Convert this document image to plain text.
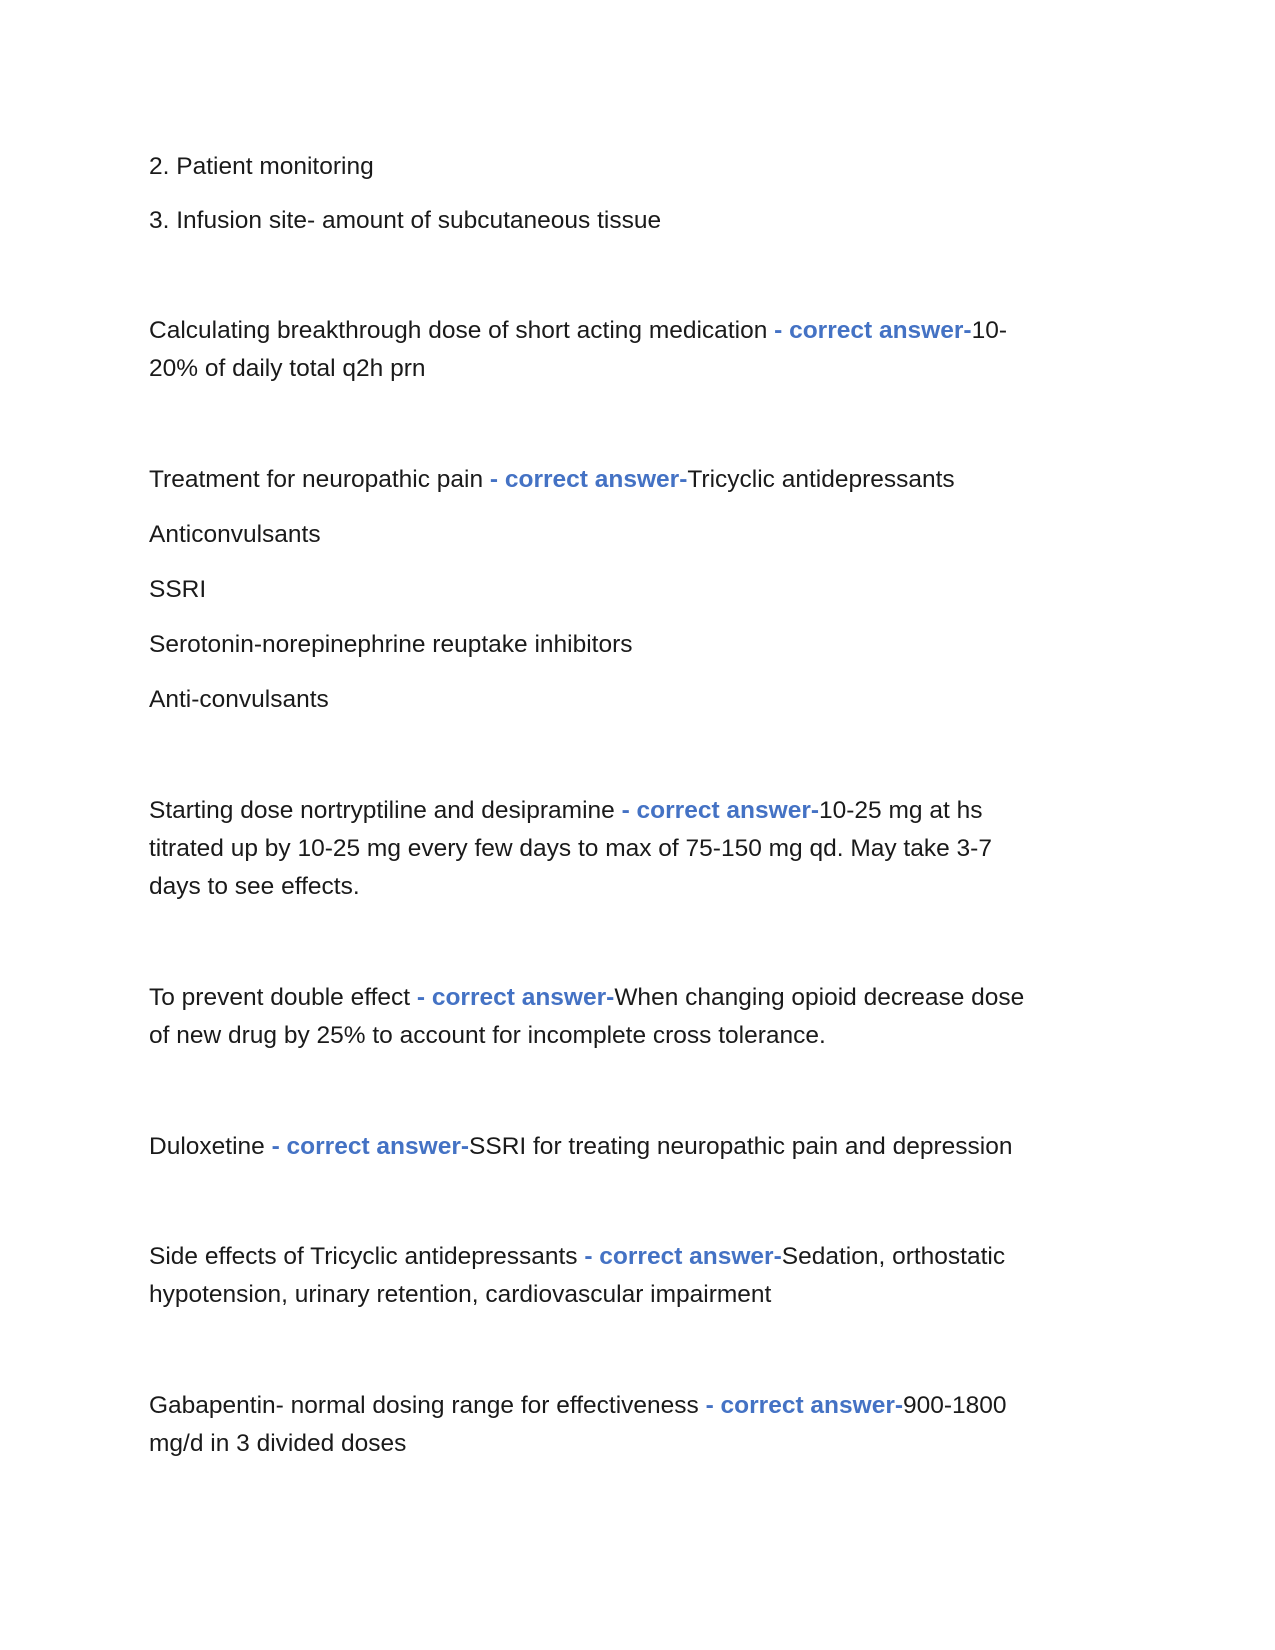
2. Patient monitoring

3. Infusion site- amount of subcutaneous tissue

Calculating breakthrough dose of short acting medication - correct answer-10-

20% of daily total q2h prn

Treatment for neuropathic pain - correct answer-Tricyclic antidepressants

Anticonvulsants

SSRI

Serotonin-norepinephrine reuptake inhibitors

Anti-convulsants

Starting dose nortryptiline and desipramine - correct answer-10-25 mg at hs

titrated up by 10-25 mg every few days to max of 75-150 mg qd. May take 3-7

days to see effects.

To prevent double effect - correct answer-When changing opioid decrease dose

of new drug by 25% to account for incomplete cross tolerance.

Duloxetine - correct answer-SSRI for treating neuropathic pain and depression

Side effects of Tricyclic antidepressants - correct answer-Sedation, orthostatic

hypotension, urinary retention, cardiovascular impairment

Gabapentin- normal dosing range for effectiveness - correct answer-900-1800

mg/d in 3 divided doses
